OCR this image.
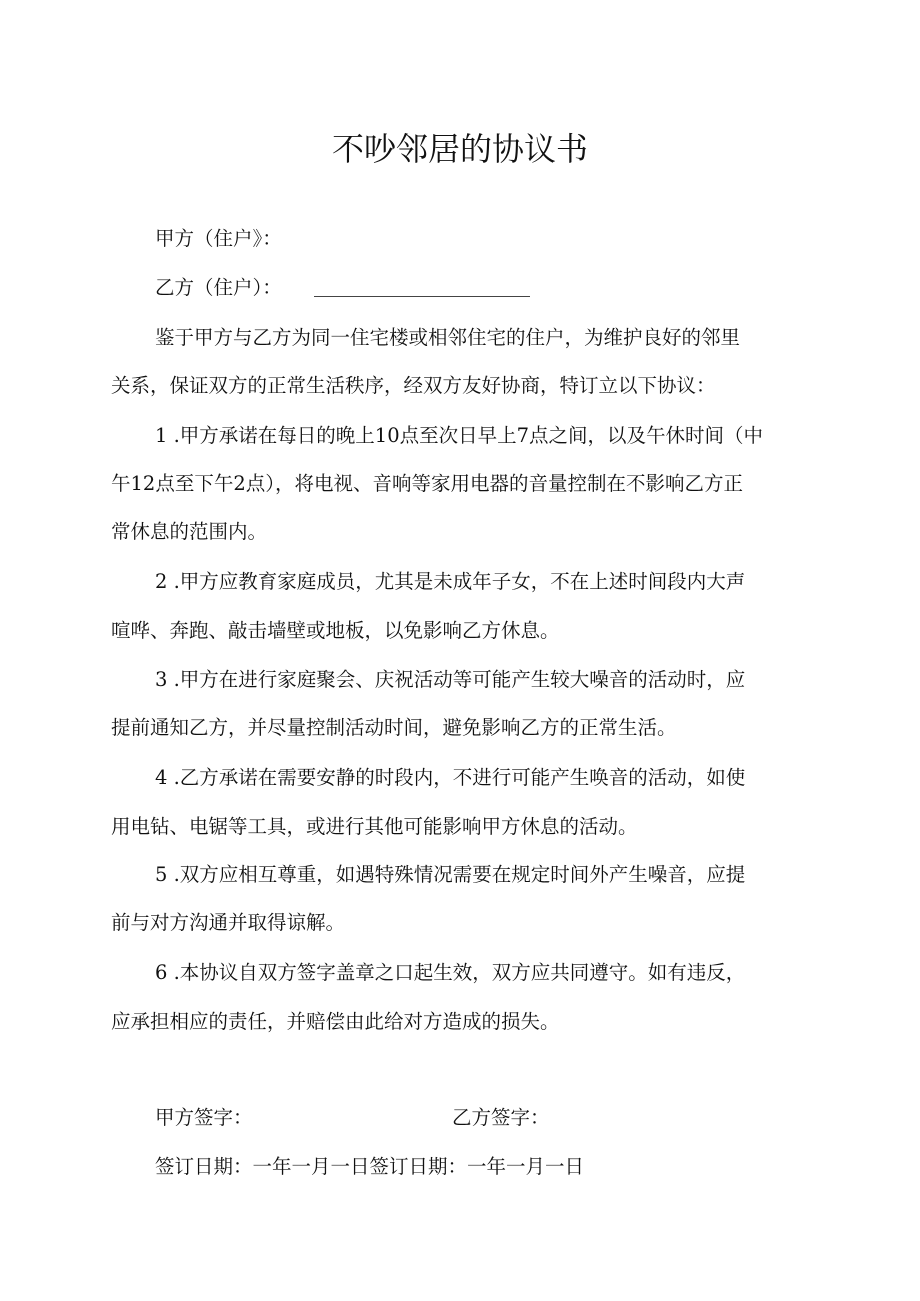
不吵邻居的协议书
甲方（住户》：
乙方（住户）：
鉴于甲方与乙方为同一住宅楼或相邻住宅的住户，为维护良好的邻里
关系，保证双方的正常生活秩序，经双方友好协商，特订立以下协议：
1 .甲方承诺在每日的晚上10点至次日早上7点之间，以及午休时间（中
午12点至下午2点），将电视、音响等家用电器的音量控制在不影响乙方正
常休息的范围内。
2 .甲方应教育家庭成员，尤其是未成年子女，不在上述时间段内大声
喧哗、奔跑、敲击墙壁或地板，以免影响乙方休息。
3 .甲方在进行家庭聚会、庆祝活动等可能产生较大噪音的活动时，应
提前通知乙方，并尽量控制活动时间，避免影响乙方的正常生活。
4 .乙方承诺在需要安静的时段内，不进行可能产生唤音的活动，如使
用电钻、电锯等工具，或进行其他可能影响甲方休息的活动。
5 .双方应相互尊重，如遇特殊情况需要在规定时间外产生噪音，应提
前与对方沟通并取得谅解。
6 .本协议自双方签字盖章之口起生效，双方应共同遵守。如有违反，
应承担相应的责任，并赔偿由此给对方造成的损失。
甲方签字：	乙方签字：
签订日期：一年一月一日签订日期：一年一月一日
